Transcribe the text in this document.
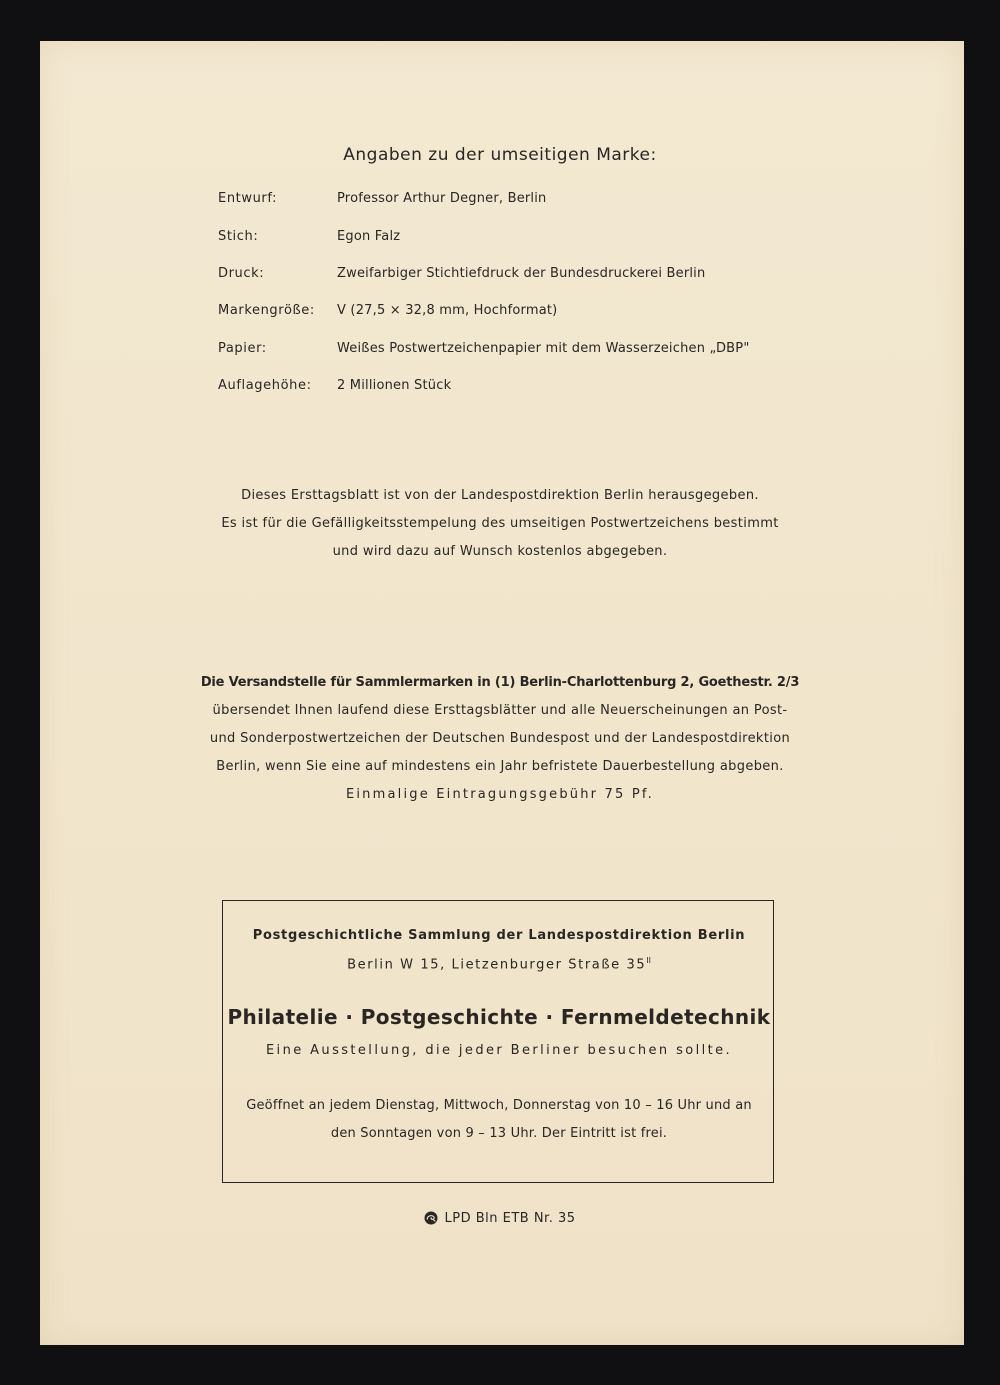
Angaben zu der umseitigen Marke:
Entwurf:	Professor Arthur Degner, Berlin
Stich:	Egon Falz
Druck:	Zweifarbiger Stichtiefdruck der Bundesdruckerei Berlin
Markengröße: V (27,5 × 32,8 mm, Hochformat)
Papier:	Weißes Postwertzeichenpapier mit dem Wasserzeichen „DBP"
Auflagehöhe: 2 Millionen Stück
Dieses Ersttagsblatt ist von der Landespostdirektion Berlin herausgegeben.
Es ist für die Gefälligkeitsstempelung des umseitigen Postwertzeichens bestimmt
und wird dazu auf Wunsch kostenlos abgegeben.
Die Versandstelle für Sammlermarken in (1) Berlin-Charlottenburg 2, Goethestr. 2/3
übersendet Ihnen laufend diese Ersttagsblätter und alle Neuerscheinungen an Post-
und Sonderpostwertzeichen der Deutschen Bundespost und der Landespostdirektion
Berlin, wenn Sie eine auf mindestens ein Jahr befristete Dauerbestellung abgeben.
Einmalige Eintragungsgebühr 75 Pf.
Postgeschichtliche Sammlung der Landespostdirektion Berlin
Berlin W 15, Lietzenburger Straße $35^{II}$
Philatelie · Postgeschichte · Fernmeldetechnik
Eine Ausstellung, die jeder Berliner besuchen sollte.
Geöffnet an jedem Dienstag, Mittwoch, Donnerstag von 10 – 16 Uhr und an
den Sonntagen von 9 – 13 Uhr. Der Eintritt ist frei.
LPD Bln ETB Nr. 35
